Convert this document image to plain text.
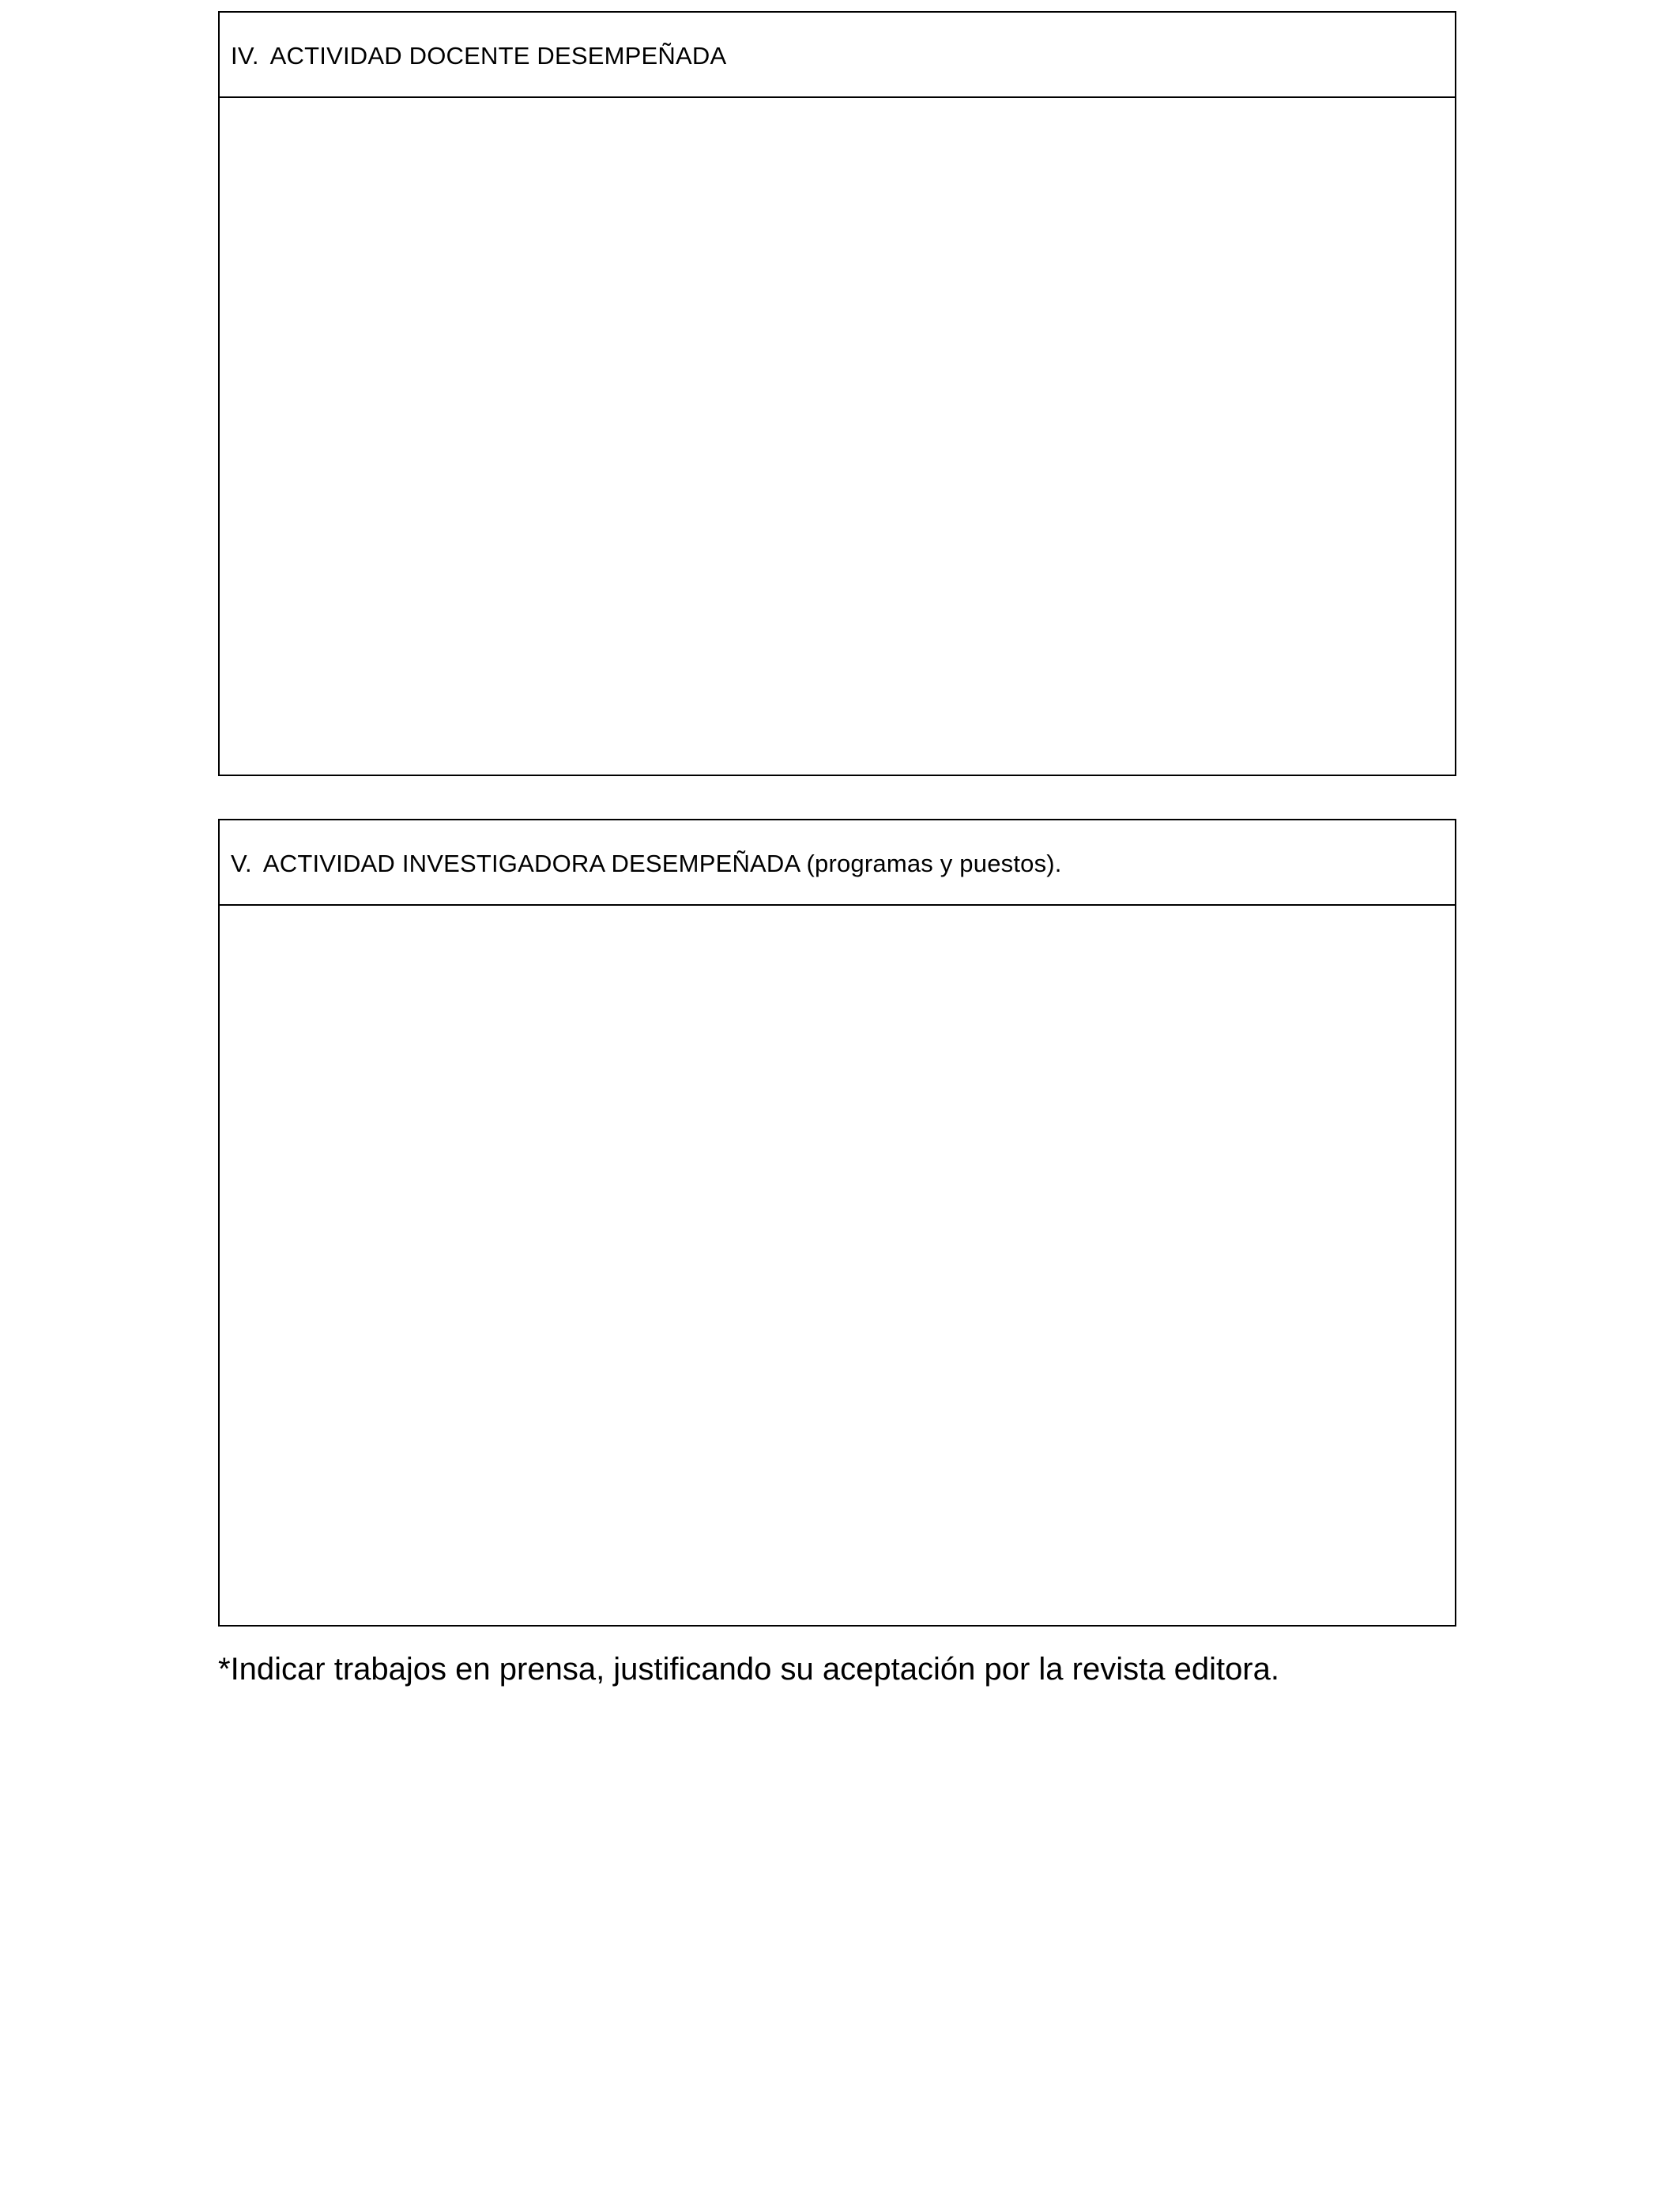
IV. ACTIVIDAD DOCENTE DESEMPEÑADA
V. ACTIVIDAD INVESTIGADORA DESEMPEÑADA (programas y puestos).
*Indicar trabajos en prensa, justificando su aceptación por la revista editora.
